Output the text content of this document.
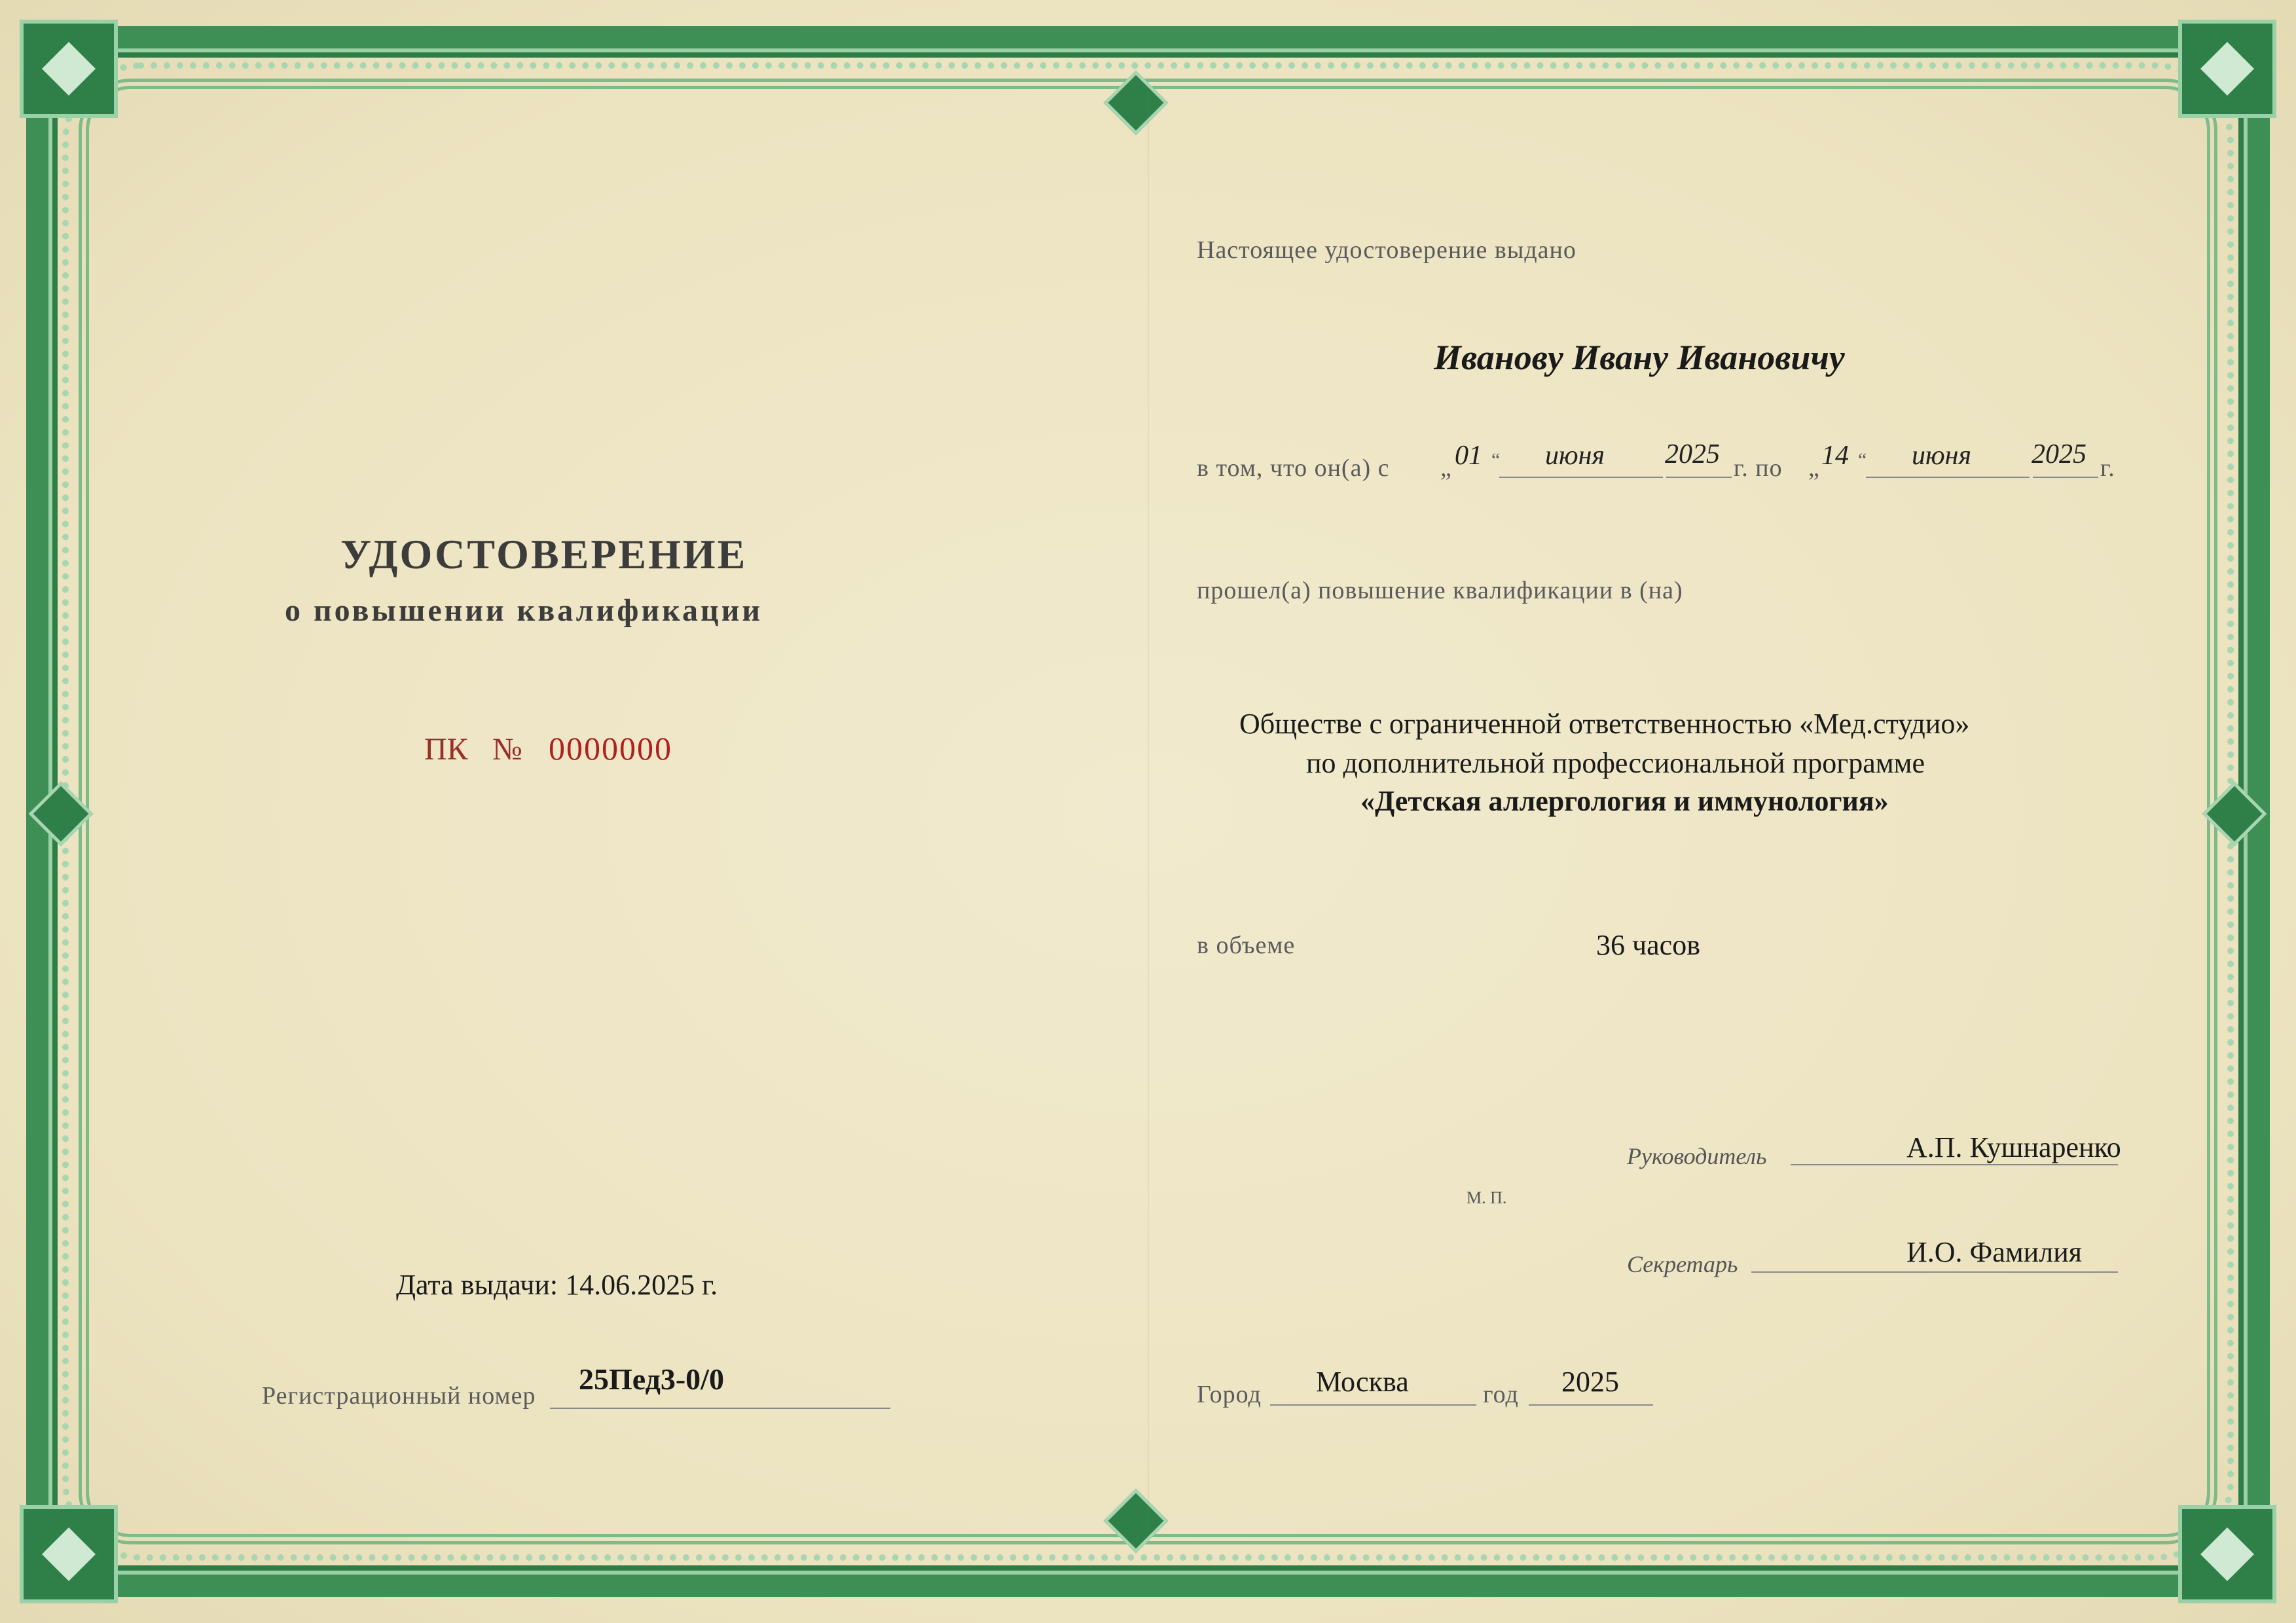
УДОСТОВЕРЕНИЕ
о повышении квалификации
ПК № 0000000
Дата выдачи: 14.06.2025 г.
Регистрационный номер 25Пед3-0/0
Настоящее удостоверение выдано
Иванову Ивану Ивановичу
в том, что он(а) с „ 01 “ июня 2025 г. по „ 14 “ июня 2025 г.
прошел(а) повышение квалификации в (на)
Обществе с ограниченной ответственностью «Мед.студио»
по дополнительной профессиональной программе
«Детская аллергология и иммунология»
в объеме	36 часов
Руководитель	А.П. Кушнаренко
М. П.
Секретарь	И.О. Фамилия
Город Москва	год 2025
